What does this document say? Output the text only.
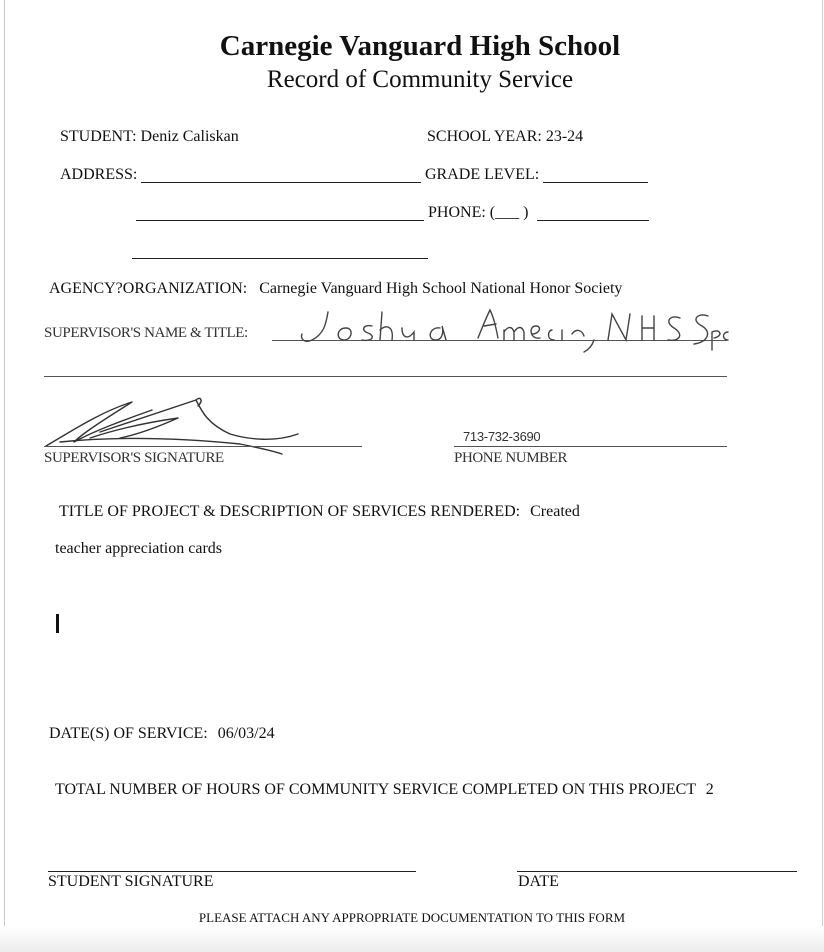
Carnegie Vanguard High School
Record of Community Service
STUDENT: Deniz Caliskan	SCHOOL YEAR: 23-24
ADDRESS:	GRADE LEVEL:
PHONE: (___ )
AGENCY?ORGANIZATION: Carnegie Vanguard High School National Honor Society
SUPERVISOR'S NAME & TITLE:
SUPERVISOR'S SIGNATURE
713-732-3690
PHONE NUMBER
TITLE OF PROJECT & DESCRIPTION OF SERVICES RENDERED: Created
teacher appreciation cards
DATE(S) OF SERVICE: 06/03/24
TOTAL NUMBER OF HOURS OF COMMUNITY SERVICE COMPLETED ON THIS PROJECT 2
STUDENT SIGNATURE	DATE
PLEASE ATTACH ANY APPROPRIATE DOCUMENTATION TO THIS FORM
